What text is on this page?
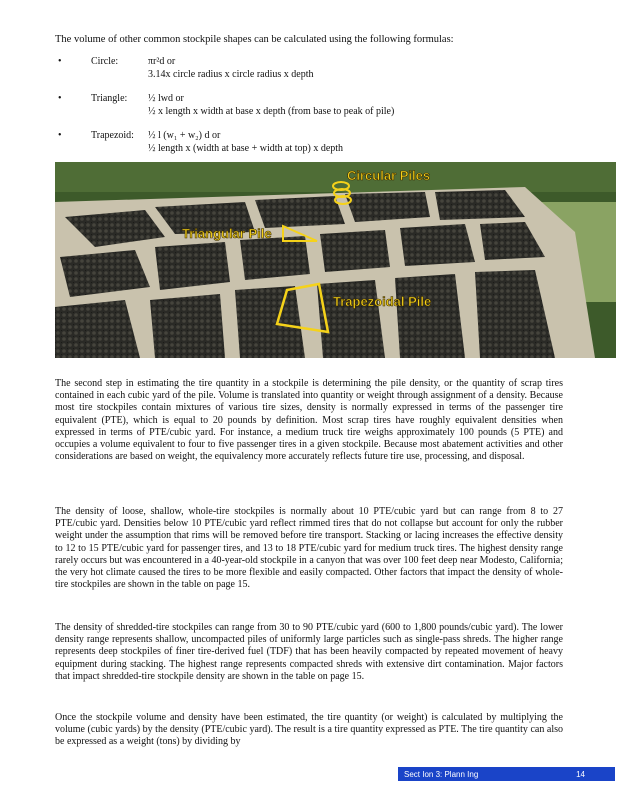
The volume of other common stockpile shapes can be calculated using the following formulas:
•	Circle:	πr²d or
3.14x circle radius x circle radius x depth
•	Triangle: ½ lwd or
½ x length x width at base x depth (from base to peak of pile)
•	Trapezoid: ½ l (w₁ + w₂) d or
½ length x (width at base + width at top) x depth
Circular Piles
Triangular Pile
Trapezoidal Pile

The second step in estimating the tire quantity in a stockpile is determining the pile density, or the quantity of scrap tires contained in each cubic yard of the pile. Volume is translated into quantity or weight through assignment of a density. Because most tire stockpiles contain mixtures of various tire sizes, density is normally expressed in terms of the passenger tire equivalent (PTE), which is equal to 20 pounds by definition. Most scrap tires have roughly equivalent densities when expressed in terms of PTE/cubic yard. For instance, a medium truck tire weighs approximately 100 pounds (5 PTE) and occupies a volume equivalent to four to five passenger tires in a given stockpile. Because most abatement activities and other considerations are based on weight, the equivalency more accurately reflects future tire use, processing, and disposal.

The density of loose, shallow, whole-tire stockpiles is normally about 10 PTE/cubic yard but can range from 8 to 27 PTE/cubic yard. Densities below 10 PTE/cubic yard reflect rimmed tires that do not collapse but account for only the rubber weight under the assumption that rims will be removed before tire transport. Stacking or lacing increases the effective density to 12 to 15 PTE/cubic yard for passenger tires, and 13 to 18 PTE/cubic yard for medium truck tires. The highest density range rarely occurs but was encountered in a 40-year-old stockpile in a canyon that was over 100 feet deep near Modesto, California; the very hot climate caused the tires to be more flexible and easily compacted. Other factors that impact the density of whole-tire stockpiles are shown in the table on page 15.

The density of shredded-tire stockpiles can range from 30 to 90 PTE/cubic yard (600 to 1,800 pounds/cubic yard). The lower density range represents shallow, uncompacted piles of uniformly large particles such as single-pass shreds. The higher range represents deep stockpiles of finer tire-derived fuel (TDF) that has been heavily compacted by repeated movement of heavy equipment during stacking. The highest range represents compacted shreds with extensive dirt contamination. Major factors that impact shredded-tire stockpile density are shown in the table on page 15.

Once the stockpile volume and density have been estimated, the tire quantity (or weight) is calculated by multiplying the volume (cubic yards) by the density (PTE/cubic yard). The result is a tire quantity expressed as PTE. The tire quantity can also be expressed as a weight (tons) by dividing by

Sect Ion 3: Plann Ing	14
